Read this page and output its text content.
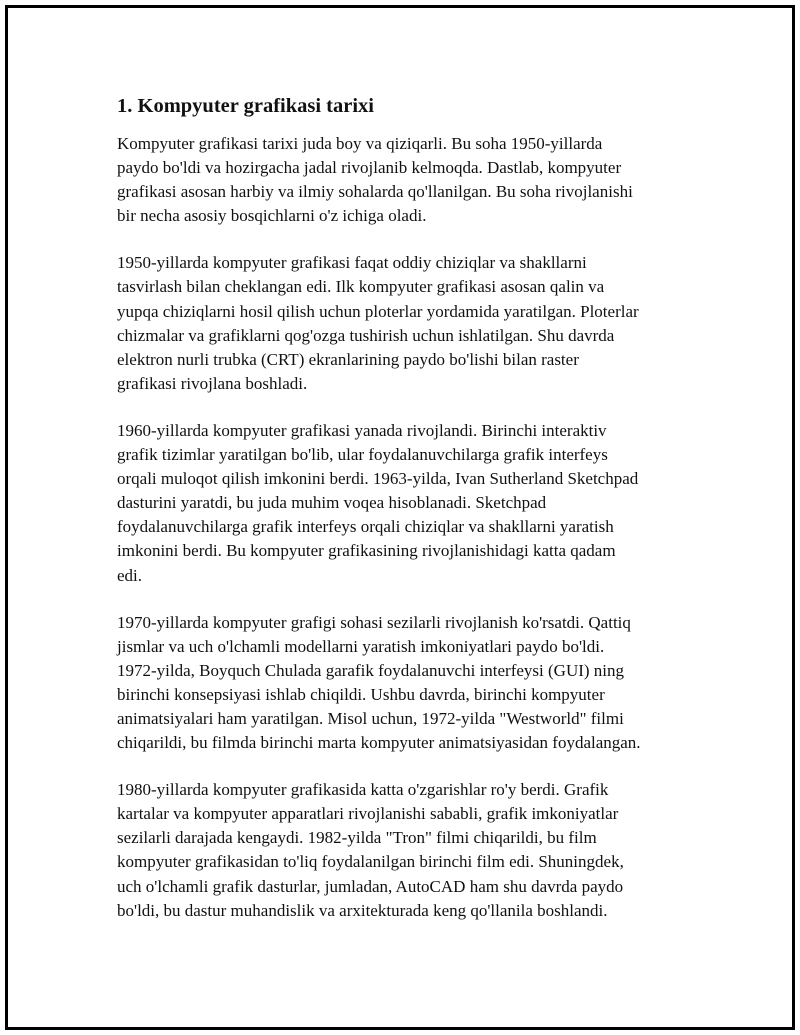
1. Kompyuter grafikasi tarixi

Kompyuter grafikasi tarixi juda boy va qiziqarli. Bu soha 1950-yillarda
paydo bo'ldi va hozirgacha jadal rivojlanib kelmoqda. Dastlab, kompyuter
grafikasi asosan harbiy va ilmiy sohalarda qo'llanilgan. Bu soha rivojlanishi
bir necha asosiy bosqichlarni o'z ichiga oladi.

1950-yillarda kompyuter grafikasi faqat oddiy chiziqlar va shakllarni
tasvirlash bilan cheklangan edi. Ilk kompyuter grafikasi asosan qalin va
yupqa chiziqlarni hosil qilish uchun ploterlar yordamida yaratilgan. Ploterlar
chizmalar va grafiklarni qog'ozga tushirish uchun ishlatilgan. Shu davrda
elektron nurli trubka (CRT) ekranlarining paydo bo'lishi bilan raster
grafikasi rivojlana boshladi.

1960-yillarda kompyuter grafikasi yanada rivojlandi. Birinchi interaktiv
grafik tizimlar yaratilgan bo'lib, ular foydalanuvchilarga grafik interfeys
orqali muloqot qilish imkonini berdi. 1963-yilda, Ivan Sutherland Sketchpad
dasturini yaratdi, bu juda muhim voqea hisoblanadi. Sketchpad
foydalanuvchilarga grafik interfeys orqali chiziqlar va shakllarni yaratish
imkonini berdi. Bu kompyuter grafikasining rivojlanishidagi katta qadam
edi.

1970-yillarda kompyuter grafigi sohasi sezilarli rivojlanish ko'rsatdi. Qattiq
jismlar va uch o'lchamli modellarni yaratish imkoniyatlari paydo bo'ldi.
1972-yilda, Boyquch Chulada garafik foydalanuvchi interfeysi (GUI) ning
birinchi konsepsiyasi ishlab chiqildi. Ushbu davrda, birinchi kompyuter
animatsiyalari ham yaratilgan. Misol uchun, 1972-yilda "Westworld" filmi
chiqarildi, bu filmda birinchi marta kompyuter animatsiyasidan foydalangan.

1980-yillarda kompyuter grafikasida katta o'zgarishlar ro'y berdi. Grafik
kartalar va kompyuter apparatlari rivojlanishi sababli, grafik imkoniyatlar
sezilarli darajada kengaydi. 1982-yilda "Tron" filmi chiqarildi, bu film
kompyuter grafikasidan to'liq foydalanilgan birinchi film edi. Shuningdek,
uch o'lchamli grafik dasturlar, jumladan, AutoCAD ham shu davrda paydo
bo'ldi, bu dastur muhandislik va arxitekturada keng qo'llanila boshlandi.
